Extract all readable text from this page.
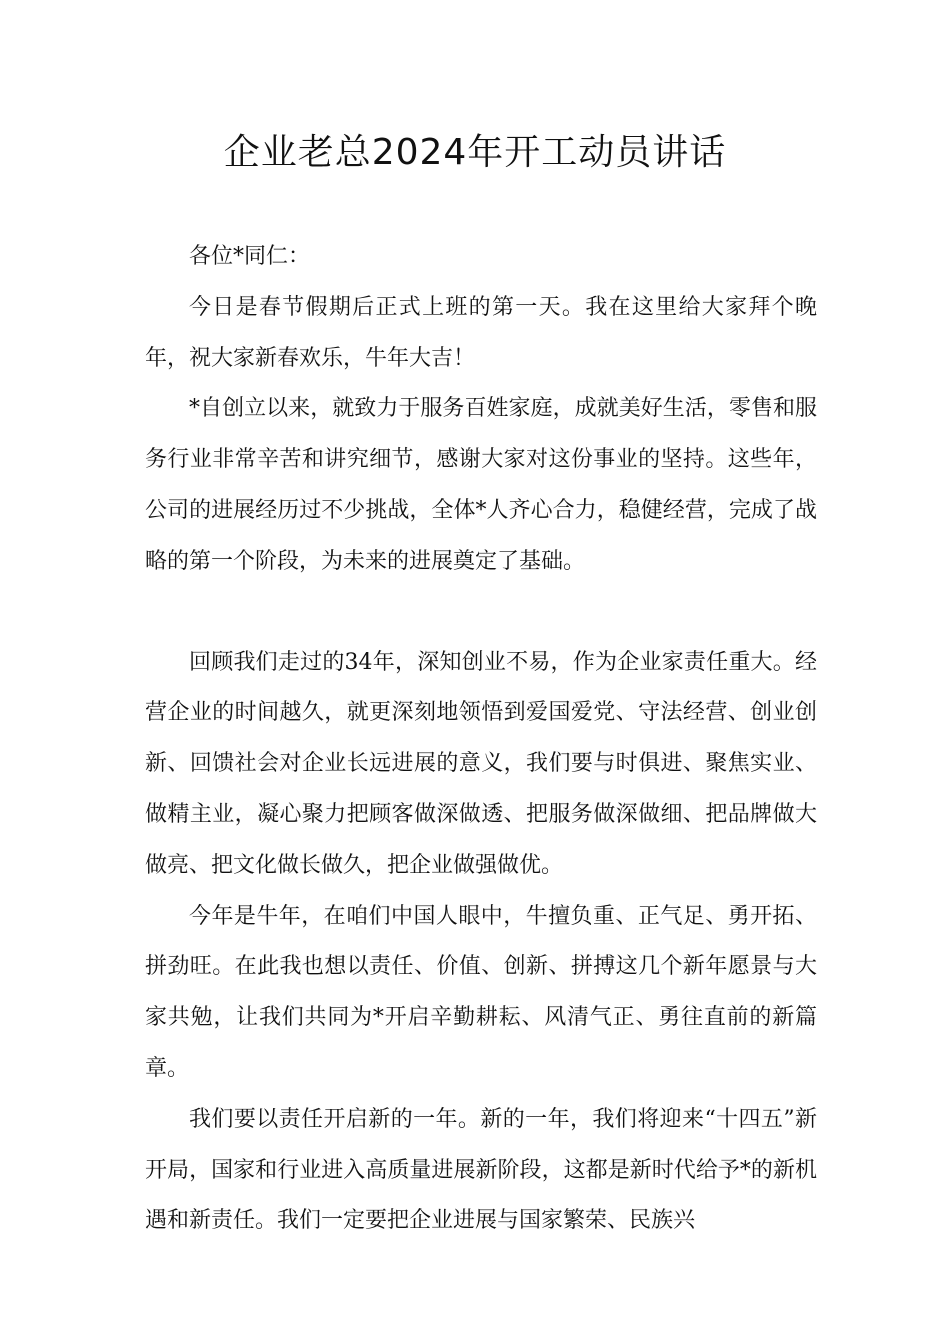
企业老总2024年开工动员讲话

各位*同仁：

今日是春节假期后正式上班的第一天。我在这里给大家拜个晚年，祝大家新春欢乐，牛年大吉！

*自创立以来，就致力于服务百姓家庭，成就美好生活，零售和服务行业非常辛苦和讲究细节，感谢大家对这份事业的坚持。这些年，公司的进展经历过不少挑战，全体*人齐心合力，稳健经营，完成了战略的第一个阶段，为未来的进展奠定了基础。

回顾我们走过的34年，深知创业不易，作为企业家责任重大。经营企业的时间越久，就更深刻地领悟到爱国爱党、守法经营、创业创新、回馈社会对企业长远进展的意义，我们要与时俱进、聚焦实业、做精主业，凝心聚力把顾客做深做透、把服务做深做细、把品牌做大做亮、把文化做长做久，把企业做强做优。

今年是牛年，在咱们中国人眼中，牛擅负重、正气足、勇开拓、拼劲旺。在此我也想以责任、价值、创新、拼搏这几个新年愿景与大家共勉，让我们共同为*开启辛勤耕耘、风清气正、勇往直前的新篇章。

我们要以责任开启新的一年。新的一年，我们将迎来“十四五”新开局，国家和行业进入高质量进展新阶段，这都是新时代给予*的新机遇和新责任。我们一定要把企业进展与国家繁荣、民族兴
